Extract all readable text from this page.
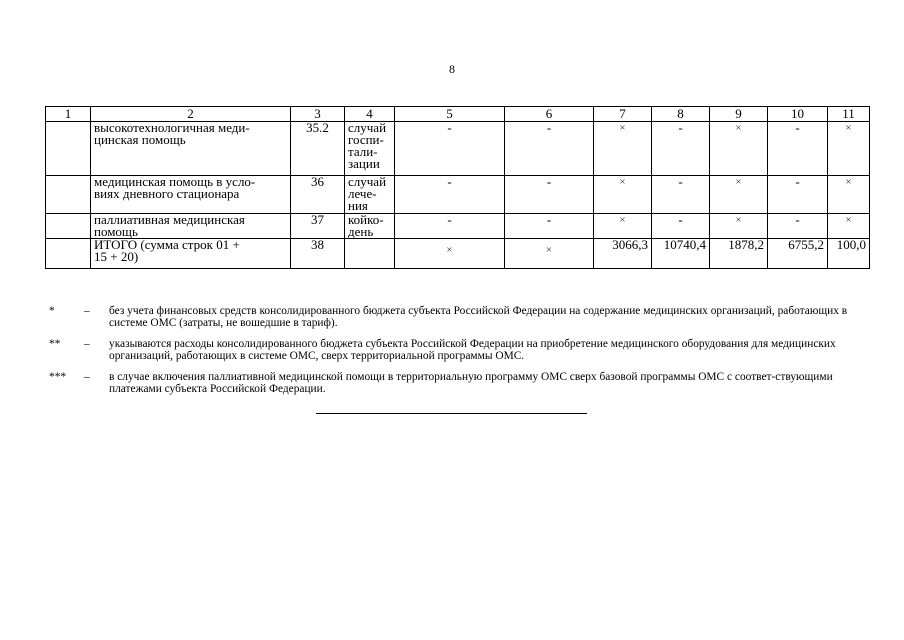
8
1	2	3	4	5	6	7	8	9	10	11
	высокотехнологичная меди-
цинская помощь	35.2	случай
госпи-
тали-
зации	-	-	×	-	×	-	×
	медицинская помощь в усло-
виях дневного стационара	36	случай
лече-
ния	-	-	×	-	×	-	×
	паллиативная медицинская
помощь	37	койко-
день	-	-	×	-	×	-	×
	ИТОГО (сумма строк 01 +
15 + 20)	38		×	×	3066,3	10740,4	1878,2	6755,2	100,0
*	–	без учета финансовых средств консолидированного бюджета субъекта Российской Федерации на содержание медицинских организаций, работающих в системе ОМС (затраты, не вошедшие в тариф).
**	–	указываются расходы консолидированного бюджета субъекта Российской Федерации на приобретение медицинского оборудования для медицинских организаций, работающих в системе ОМС, сверх территориальной программы ОМС.
***	–	в случае включения паллиативной медицинской помощи в территориальную программу ОМС сверх базовой программы ОМС с соответ-ствующими платежами субъекта Российской Федерации.
